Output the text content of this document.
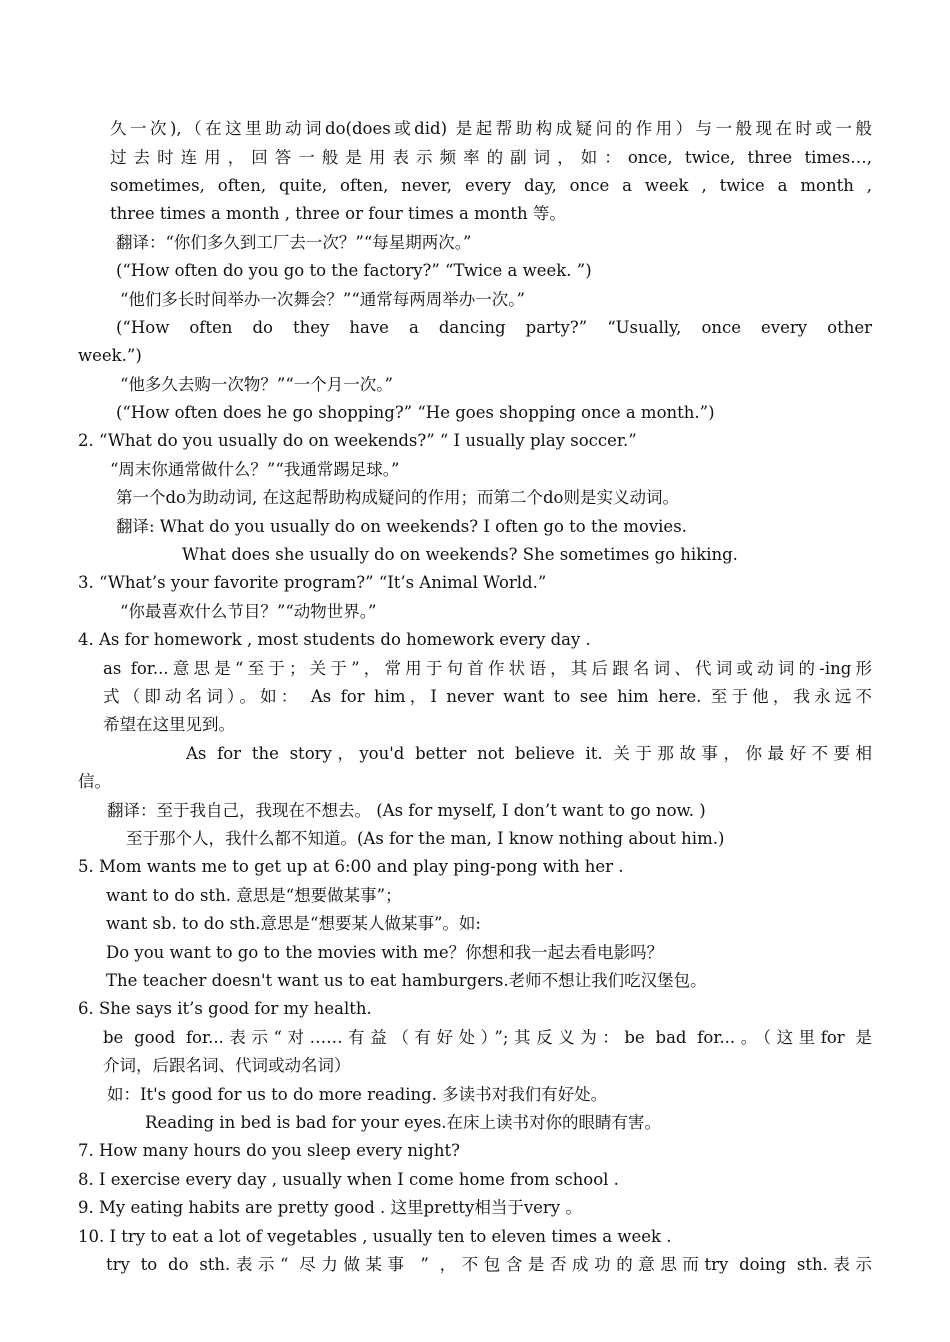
久一次),（在这里助动词do(does或did) 是起帮助构成疑问的作用）与一般现在时或一般
过去时连用，回答一般是用表示频率的副词，如：once, twice, three times…,
sometimes, often, quite, often, never, every day, once a week , twice a month ,
three times a month , three or four times a month 等。
翻译：“你们多久到工厂去一次？”“每星期两次。”
(“How often do you go to the factory?” “Twice a week. ”)
“他们多长时间举办一次舞会？”“通常每两周举办一次。”
(“How often do they have a dancing party?” “Usually, once every other
week.”)
“他多久去购一次物？”“一个月一次。”
(“How often does he go shopping?” “He goes shopping once a month.”)
2. “What do you usually do on weekends?” “ I usually play soccer.”
“周末你通常做什么？”“我通常踢足球。”
第一个do为助动词, 在这起帮助构成疑问的作用；而第二个do则是实义动词。
翻译: What do you usually do on weekends? I often go to the movies.
What does she usually do on weekends? She sometimes go hiking.
3. “What’s your favorite program?” “It’s Animal World.”
“你最喜欢什么节目？”“动物世界。”
4. As for homework , most students do homework every day .
as for...意思是“至于；关于”，常用于句首作状语，其后跟名词、代词或动词的-ing形
式（即动名词）。如： As for him，I never want to see him here. 至于他，我永远不
希望在这里见到。
As for the story，you'd better not believe it. 关于那故事，你最好不要相
信。
翻译：至于我自己，我现在不想去。 (As for myself, I don’t want to go now. )
至于那个人，我什么都不知道。(As for the man, I know nothing about him.)
5. Mom wants me to get up at 6:00 and play ping-pong with her .
want to do sth. 意思是“想要做某事”；
want sb. to do sth.意思是“想要某人做某事”。如:
Do you want to go to the movies with me？你想和我一起去看电影吗？
The teacher doesn't want us to eat hamburgers.老师不想让我们吃汉堡包。
6. She says it’s good for my health.
be good for...表示“对……有益（有好处）”;其反义为：be bad for...。（这里for 是
介词，后跟名词、代词或动名词）
如：It's good for us to do more reading. 多读书对我们有好处。
Reading in bed is bad for your eyes.在床上读书对你的眼睛有害。
7. How many hours do you sleep every night?
8. I exercise every day , usually when I come home from school .
9. My eating habits are pretty good . 这里pretty相当于very 。
10. I try to eat a lot of vegetables , usually ten to eleven times a week .
try to do sth.表示“ 尽力做某事 ” ，不包含是否成功的意思而try doing sth.表示
